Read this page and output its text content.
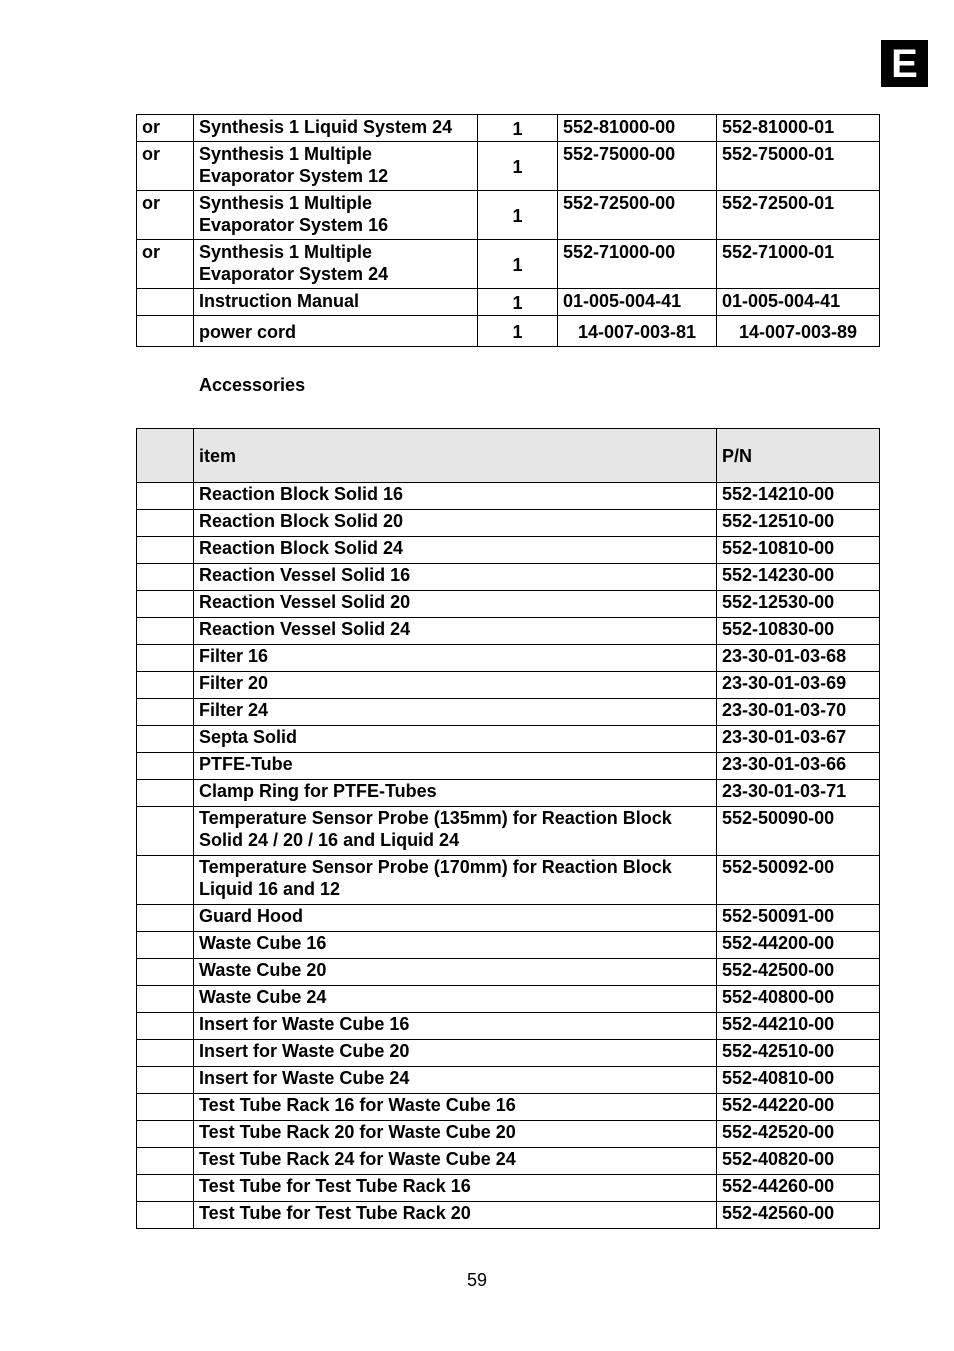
E
or	Synthesis 1 Liquid System 24	1	552-81000-00	552-81000-01
or	Synthesis 1 Multiple Evaporator System 12	1	552-75000-00	552-75000-01
or	Synthesis 1 Multiple Evaporator System 16	1	552-72500-00	552-72500-01
or	Synthesis 1 Multiple Evaporator System 24	1	552-71000-00	552-71000-01
	Instruction Manual	1	01-005-004-41	01-005-004-41
	power cord	1	14-007-003-81	14-007-003-89
Accessories
	item	P/N
	Reaction Block Solid 16	552-14210-00
	Reaction Block Solid 20	552-12510-00
	Reaction Block Solid 24	552-10810-00
	Reaction Vessel Solid 16	552-14230-00
	Reaction Vessel Solid 20	552-12530-00
	Reaction Vessel Solid 24	552-10830-00
	Filter 16	23-30-01-03-68
	Filter 20	23-30-01-03-69
	Filter 24	23-30-01-03-70
	Septa Solid	23-30-01-03-67
	PTFE-Tube	23-30-01-03-66
	Clamp Ring for PTFE-Tubes	23-30-01-03-71
	Temperature Sensor Probe (135mm) for Reaction Block Solid 24 / 20 / 16 and Liquid 24	552-50090-00
	Temperature Sensor Probe (170mm) for Reaction Block Liquid 16 and 12	552-50092-00
	Guard Hood	552-50091-00
	Waste Cube 16	552-44200-00
	Waste Cube 20	552-42500-00
	Waste Cube 24	552-40800-00
	Insert for Waste Cube 16	552-44210-00
	Insert for Waste Cube 20	552-42510-00
	Insert for Waste Cube 24	552-40810-00
	Test Tube Rack 16 for Waste Cube 16	552-44220-00
	Test Tube Rack 20 for Waste Cube 20	552-42520-00
	Test Tube Rack 24 for Waste Cube 24	552-40820-00
	Test Tube for Test Tube Rack 16	552-44260-00
	Test Tube for Test Tube Rack 20	552-42560-00
59
